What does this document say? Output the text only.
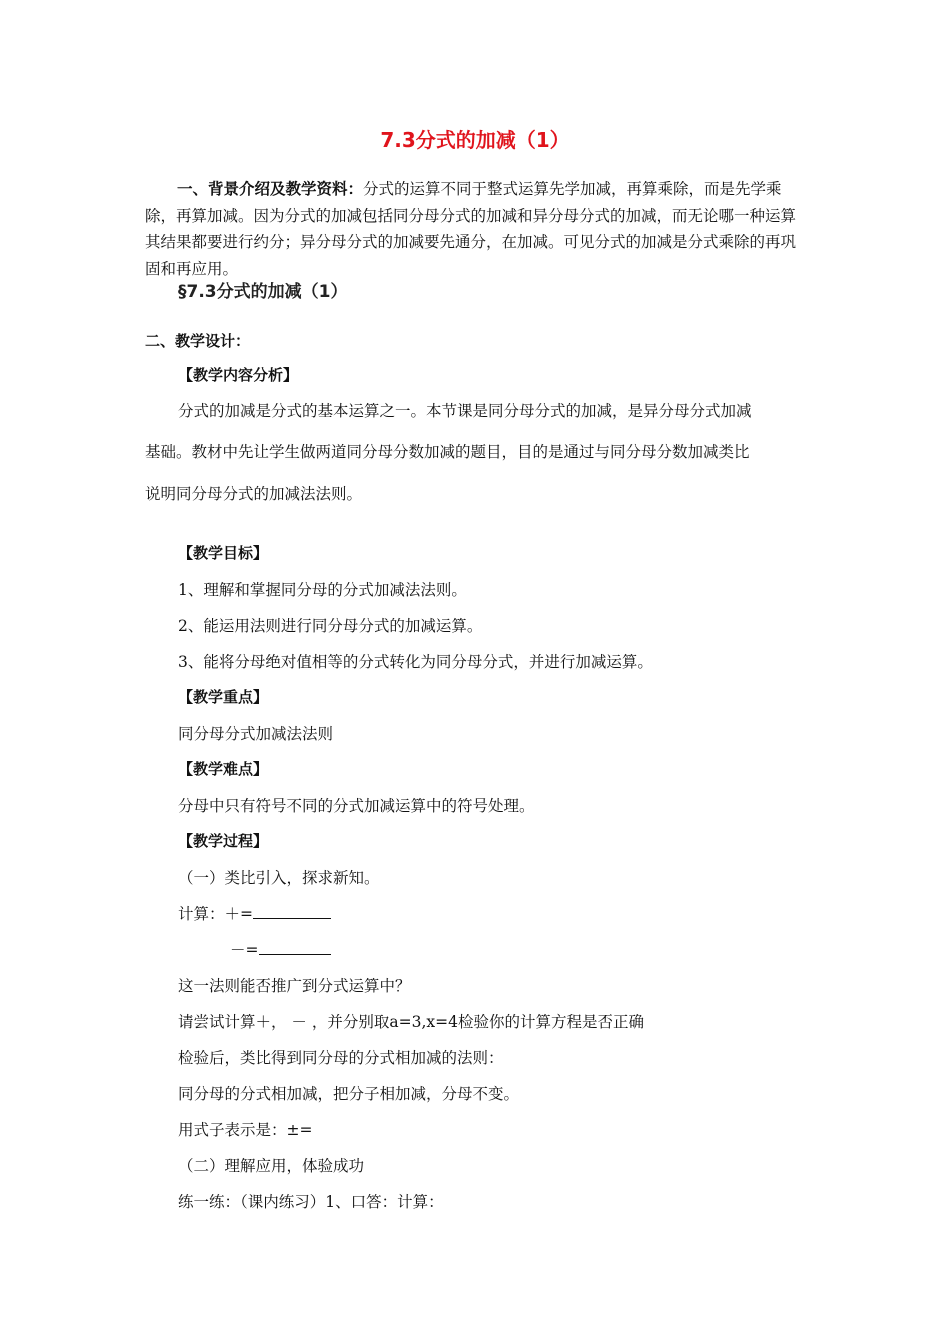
7.3分式的加减（1）
一、背景介绍及教学资料：分式的运算不同于整式运算先学加减，再算乘除，而是先学乘除，再算加减。因为分式的加减包括同分母分式的加减和异分母分式的加减，而无论哪一种运算其结果都要进行约分；异分母分式的加减要先通分，在加减。可见分式的加减是分式乘除的再巩固和再应用。
§7.3分式的加减（1）
二、教学设计：
【教学内容分析】
分式的加减是分式的基本运算之一。本节课是同分母分式的加减，是异分母分式加减
基础。教材中先让学生做两道同分母分数加减的题目，目的是通过与同分母分数加减类比
说明同分母分式的加减法法则。
【教学目标】
1、理解和掌握同分母的分式加减法法则。
2、能运用法则进行同分母分式的加减运算。
3、能将分母绝对值相等的分式转化为同分母分式，并进行加减运算。
【教学重点】
同分母分式加减法法则
【教学难点】
分母中只有符号不同的分式加减运算中的符号处理。
【教学过程】
（一）类比引入，探求新知。
计算：＋=
－=
这一法则能否推广到分式运算中？
请尝试计算＋， － ，并分别取a=3,x=4检验你的计算方程是否正确
检验后，类比得到同分母的分式相加减的法则：
同分母的分式相加减，把分子相加减，分母不变。
用式子表示是：±=
（二）理解应用，体验成功
练一练：（课内练习）1、口答：计算：
